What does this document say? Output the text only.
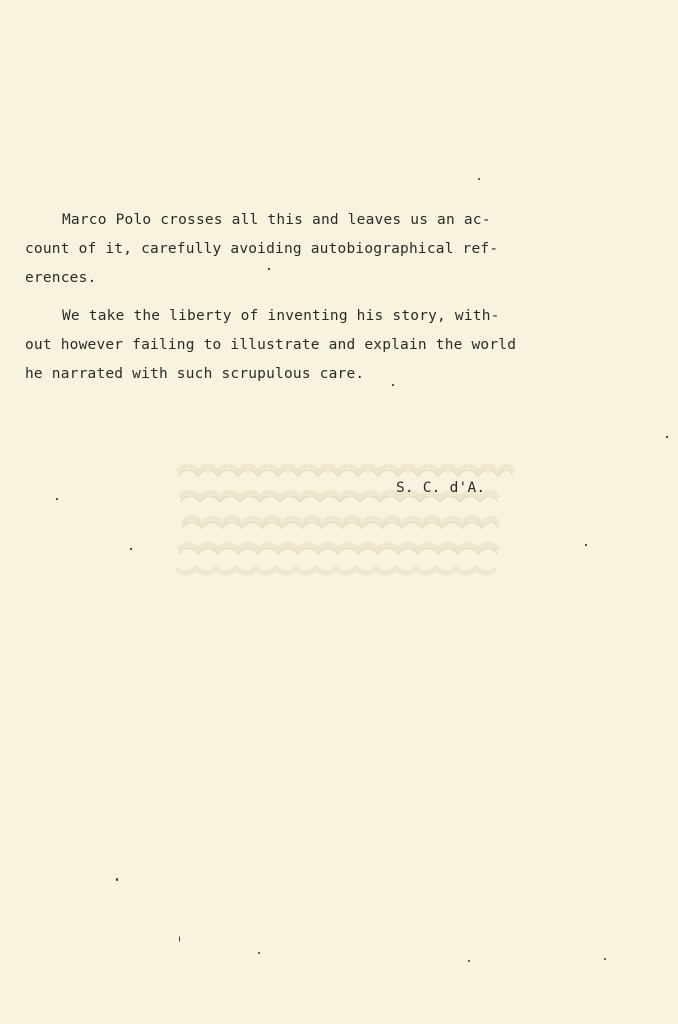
Marco Polo crosses all this and leaves us an ac-
count of it, carefully avoiding autobiographical ref-
erences.
We take the liberty of inventing his story, with-
out however failing to illustrate and explain the world
he narrated with such scrupulous care.
S. C. d'A.
